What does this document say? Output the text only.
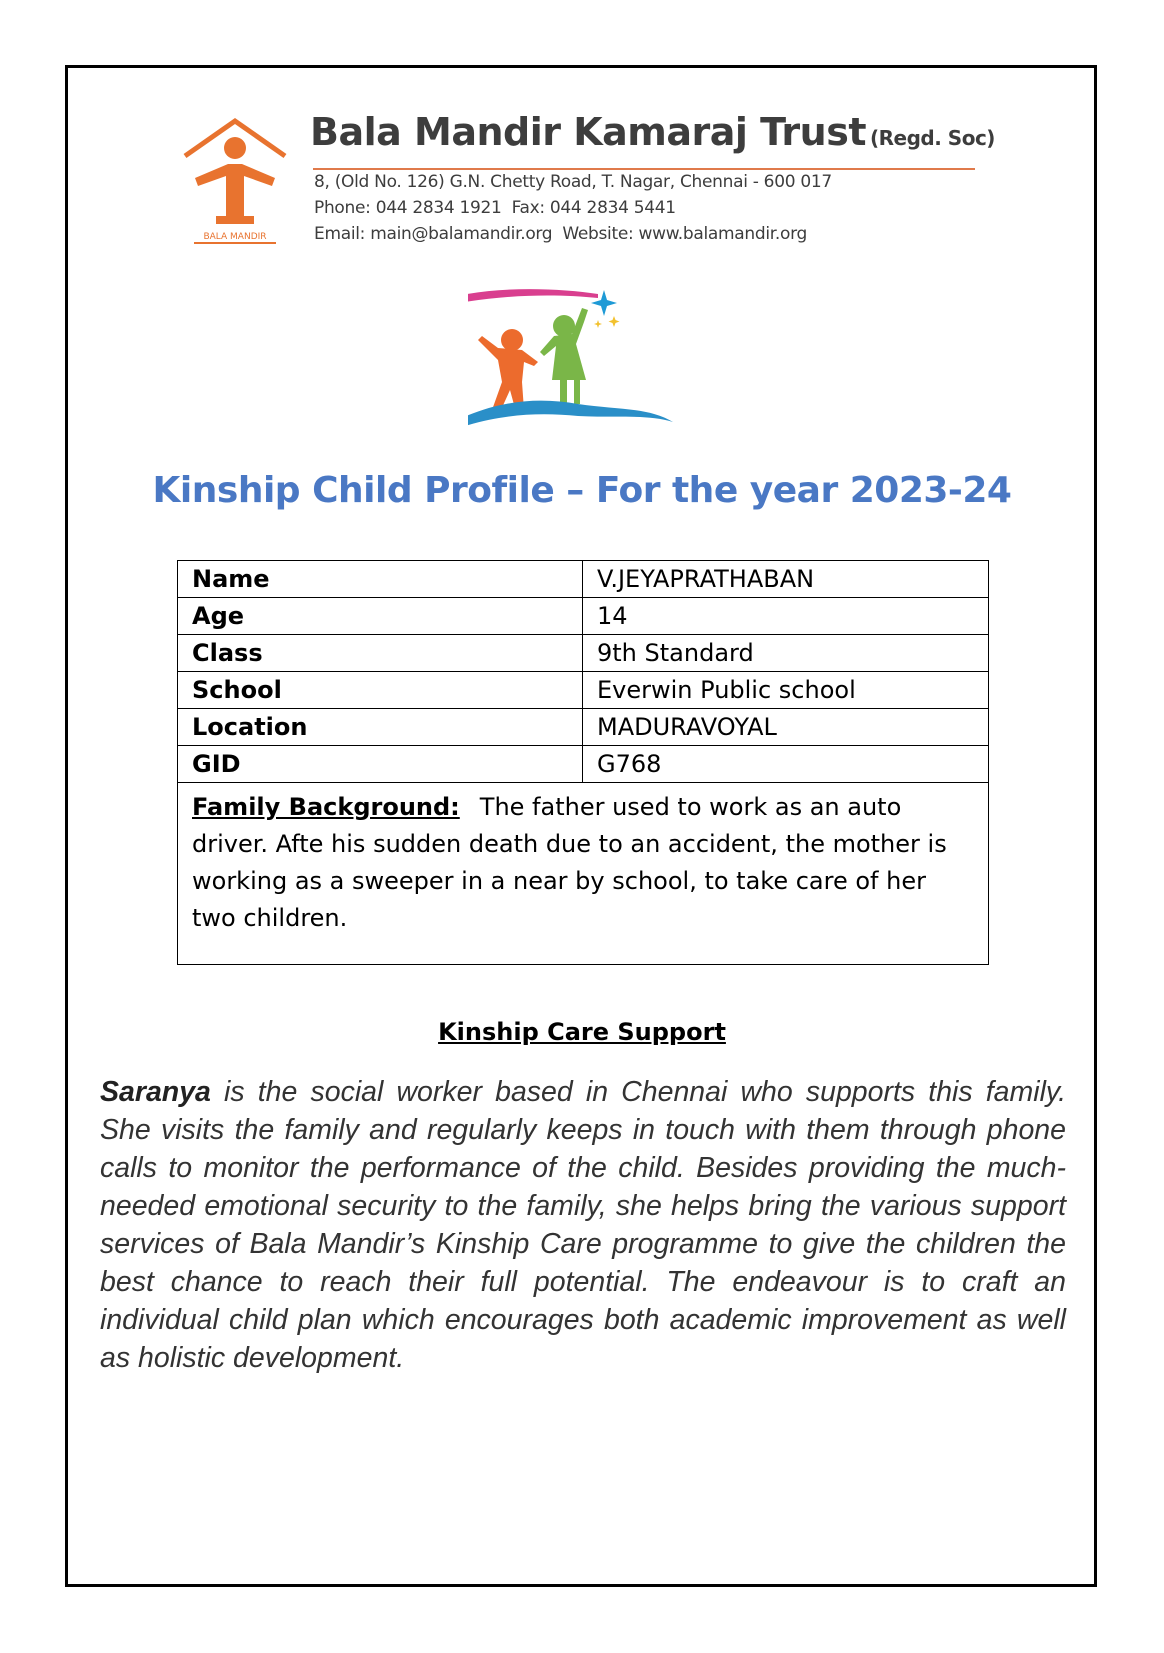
BALA MANDIR
Bala Mandir Kamaraj Trust (Regd. Soc)
8, (Old No. 126) G.N. Chetty Road, T. Nagar, Chennai - 600 017
Phone: 044 2834 1921 Fax: 044 2834 5441
Email: main@balamandir.org Website: www.balamandir.org
Kinship Child Profile – For the year 2023-24
Name	V.JEYAPRATHABAN
Age	14
Class	9th Standard
School	Everwin Public school
Location	MADURAVOYAL
GID	G768
Family Background: The father used to work as an auto driver. Afte his sudden death due to an accident, the mother is working as a sweeper in a near by school, to take care of her two children.	
Kinship Care Support
Saranya is the social worker based in Chennai who supports this family. She visits the family and regularly keeps in touch with them through phone calls to monitor the performance of the child. Besides providing the much-needed emotional security to the family, she helps bring the various support services of Bala Mandir’s Kinship Care programme to give the children the best chance to reach their full potential. The endeavour is to craft an individual child plan which encourages both academic improvement as well as holistic development.
